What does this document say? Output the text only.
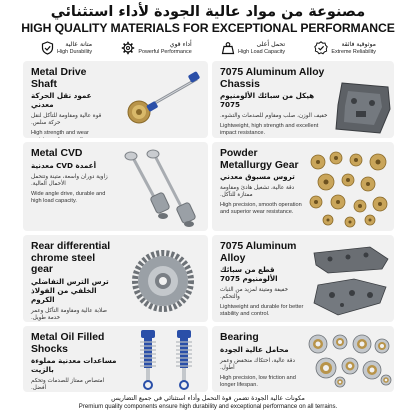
مصنوعة من مواد عالية الجودة لأداء استثنائي
HIGH QUALITY MATERIALS FOR EXCEPTIONAL PERFORMANCE
متانة عالية
High Durability
أداء قوي
Powerful Performance
تحمل أعلى
High Load Capacity
موثوقية فائقة
Extreme Reliability
Metal Drive Shaft
عمود نقل الحركة معدني
قوة عالية ومقاومة للتآكل لنقل حركة سلس.
High strength and wear
7075 Aluminum Alloy Chassis
هيكل من سبائك الألومنيوم 7075
خفيف الوزن، صلب ومقاوم للصدمات والتشوه.
Lightweight, high strength and excellent impact resistance.
Metal CVD
أعمدة CVD معدنية
زاوية دوران واسعة، متينة وتتحمل الأحمال العالية.
Wide angle drive, durable and high load capacity.
Powder Metallurgy Gear
تروس مسبوق معدني
دقة عالية، تشغيل هادئ ومقاومة ممتازة للتآكل.
High precision, smooth operation and superior wear resistance.
Rear differential chrome steel gear
ترس الترس التفاضلي الخلفي من الفولاذ الكروم
صلابة عالية ومقاومة التآكل وعمر خدمة طويل.
7075 Aluminum Alloy
قطع من سبائك الألومنيوم 7075
خفيفة ومتينة لمزيد من الثبات والتحكم.
Lightweight and durable for better stability and control.
Metal Oil Filled Shocks
مساعدات معدنية مملوءة بالزيت
امتصاص ممتاز للصدمات وتحكم أفضل.
Bearing
محامل عالية الجودة
دقة عالية، احتكاك منخفض وعمر أطول.
High precision, low friction and longer lifespan.
مكونات عالية الجودة تضمن قوة التحمل وأداء استثنائي في جميع التضاريس
Premium quality components ensure high durability and exceptional performance on all terrains.
